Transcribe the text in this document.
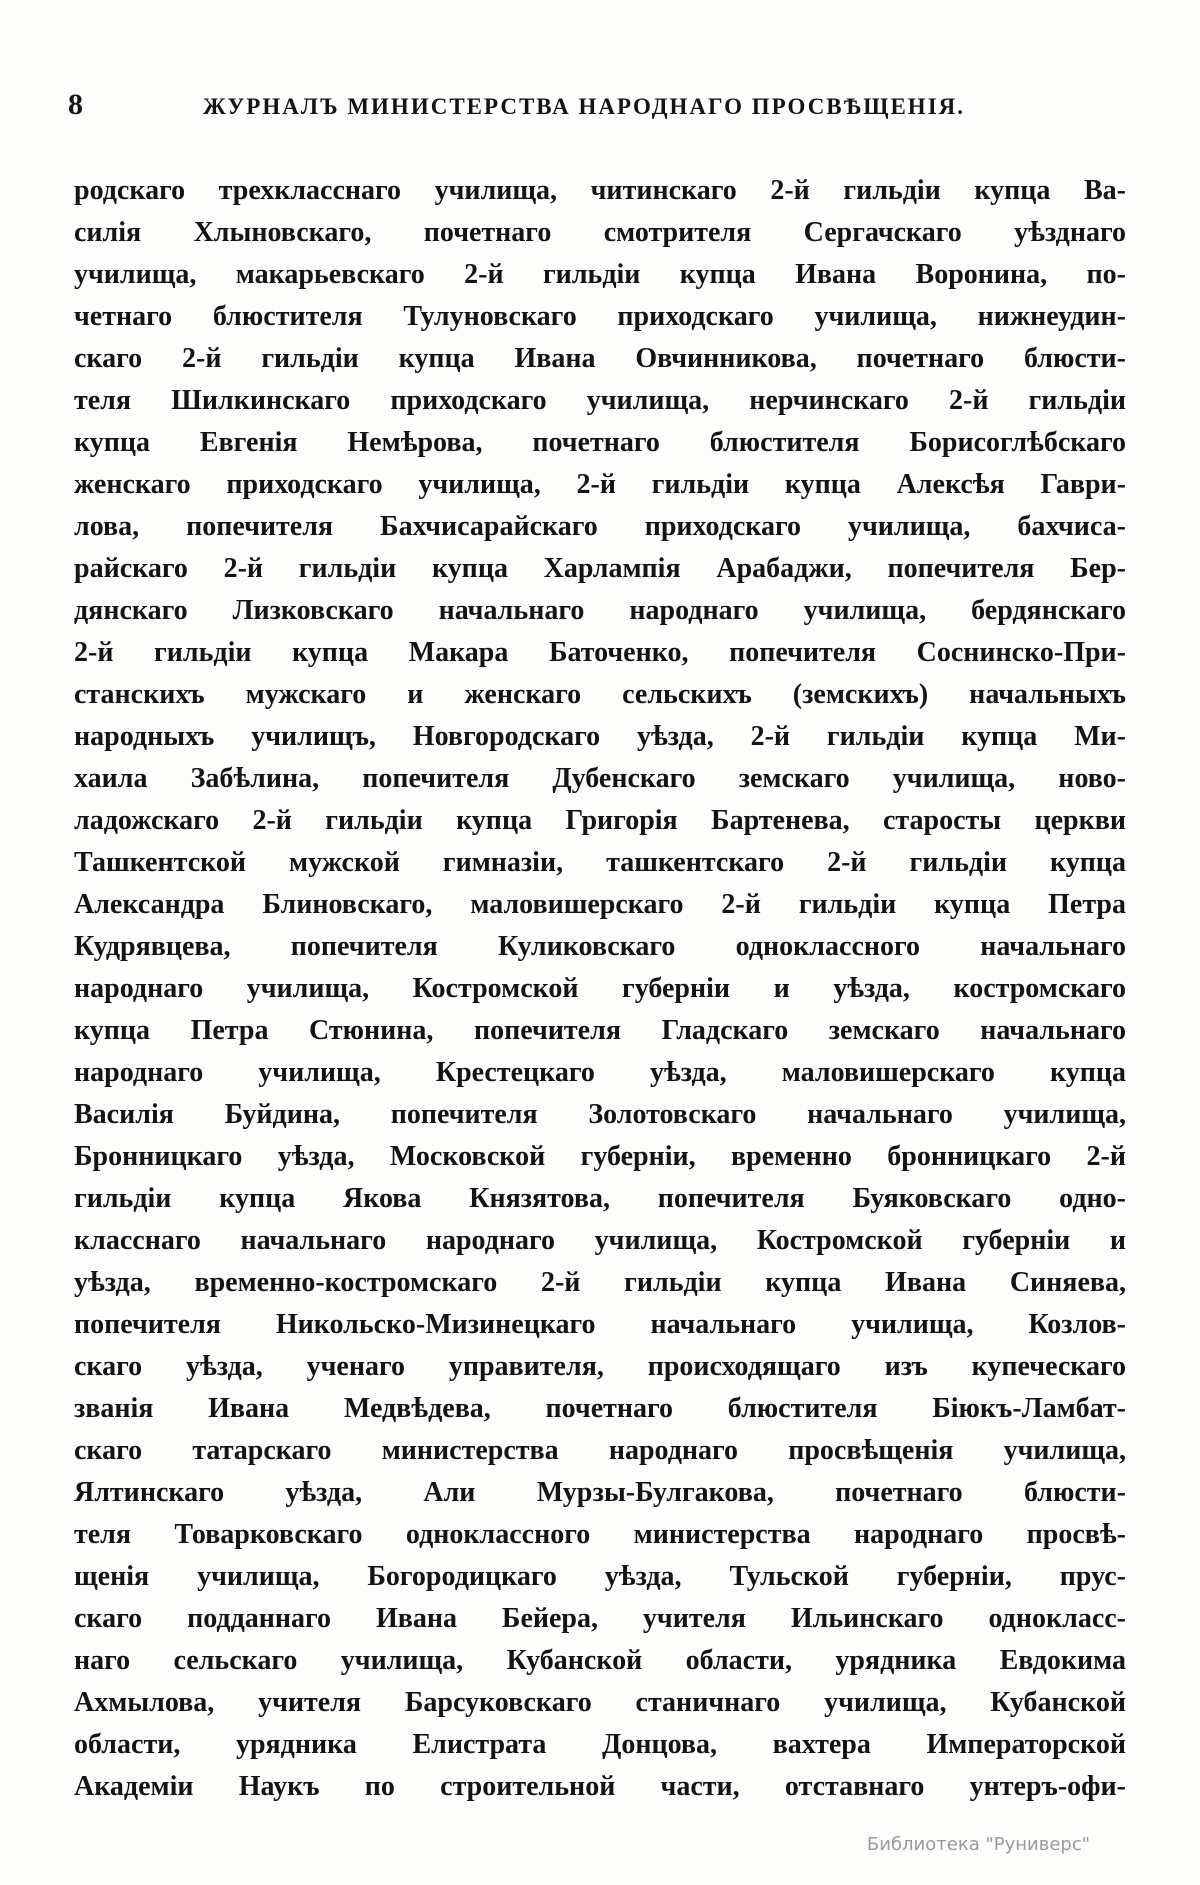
8	ЖУРНАЛЪ МИНИСТЕРСТВА НАРОДНАГО ПРОСВѢЩЕНІЯ.
родскаго трехкласснаго училища, читинскаго 2-й гильдіи купца Ва-
силія Хлыновскаго, почетнаго смотрителя Сергачскаго уѣзднаго
училища, макарьевскаго 2-й гильдіи купца Ивана Воронина, по-
четнаго блюстителя Тулуновскаго приходскаго училища, нижнеудин-
скаго 2-й гильдіи купца Ивана Овчинникова, почетнаго блюсти-
теля Шилкинскаго приходскаго училища, нерчинскаго 2-й гильдіи
купца Евгенія Немѣрова, почетнаго блюстителя Борисоглѣбскаго
женскаго приходскаго училища, 2-й гильдіи купца Алексѣя Гаври-
лова, попечителя Бахчисарайскаго приходскаго училища, бахчиса-
райскаго 2-й гильдіи купца Харлампія Арабаджи, попечителя Бер-
дянскаго Лизковскаго начальнаго народнаго училища, бердянскаго
2-й гильдіи купца Макара Баточенко, попечителя Соснинско-При-
станскихъ мужскаго и женскаго сельскихъ (земскихъ) начальныхъ
народныхъ училищъ, Новгородскаго уѣзда, 2-й гильдіи купца Ми-
хаила Забѣлина, попечителя Дубенскаго земскаго училища, ново-
ладожскаго 2-й гильдіи купца Григорія Бартенева, старосты церкви
Ташкентской мужской гимназіи, ташкентскаго 2-й гильдіи купца
Александра Блиновскаго, маловишерскаго 2-й гильдіи купца Петра
Кудрявцева, попечителя Куликовскаго одноклассного начальнаго
народнаго училища, Костромской губерніи и уѣзда, костромскаго
купца Петра Стюнина, попечителя Гладскаго земскаго начальнаго
народнаго училища, Крестецкаго уѣзда, маловишерскаго купца
Василія Буйдина, попечителя Золотовскаго начальнаго училища,
Бронницкаго уѣзда, Московской губерніи, временно бронницкаго 2-й
гильдіи купца Якова Князятова, попечителя Буяковскаго одно-
класснаго начальнаго народнаго училища, Костромской губерніи и
уѣзда, временно-костромскаго 2-й гильдіи купца Ивана Синяева,
попечителя Никольско-Мизинецкаго начальнаго училища, Козлов-
скаго уѣзда, ученаго управителя, происходящаго изъ купеческаго
званія Ивана Медвѣдева, почетнаго блюстителя Біюкъ-Ламбат-
скаго татарскаго министерства народнаго просвѣщенія училища,
Ялтинскаго уѣзда, Али Мурзы-Булгакова, почетнаго блюсти-
теля Товарковскаго одноклассного министерства народнаго просвѣ-
щенія училища, Богородицкаго уѣзда, Тульской губерніи, прус-
скаго подданнаго Ивана Бейера, учителя Ильинскаго однокласс-
наго сельскаго училища, Кубанской области, урядника Евдокима
Ахмылова, учителя Барсуковскаго станичнаго училища, Кубанской
области, урядника Елистрата Донцова, вахтера Императорской
Академіи Наукъ по строительной части, отставнаго унтеръ-офи-
Библиотека "Руниверс"
